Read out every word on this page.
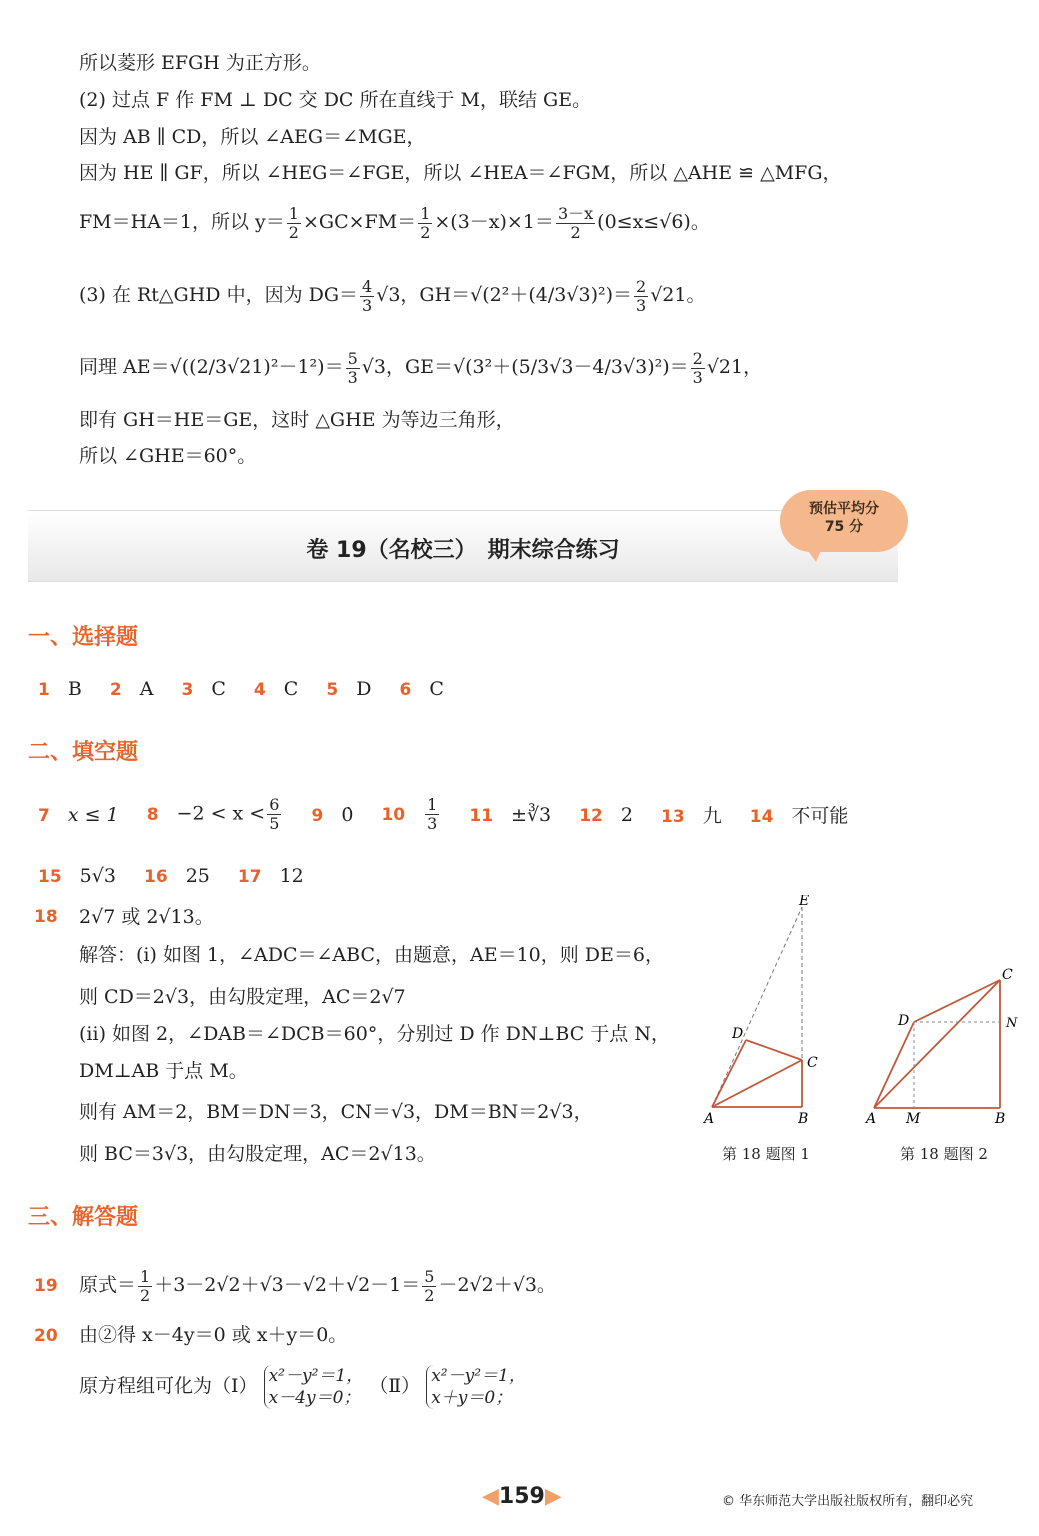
所以菱形 EFGH 为正方形。
(2) 过点 F 作 FM ⊥ DC 交 DC 所在直线于 M，联结 GE。
因为 AB ∥ CD，所以 ∠AEG＝∠MGE，
因为 HE ∥ GF，所以 ∠HEG＝∠FGE，所以 ∠HEA＝∠FGM，所以 △AHE ≌ △MFG，
FM＝HA＝1，所以 $y= \frac{1}{2} \times GC\times FM= \frac{1}{2} \times(3-x)\times 1= \frac{3-x}{2} (0\le x\le√6)$。
(3) 在 Rt△GHD 中，因为 $DG= \frac{4}{3} √3$，$GH=√(2^2+(4/3√3)^2)= \frac{2}{3} √21$。
同理 $AE=√((2/3√21)^2-1^2)= \frac{5}{3} √3$，$GE=√(3^2+(5/3√3-4/3√3)^2)= \frac{2}{3} √21$，
即有 GH＝HE＝GE，这时 △GHE 为等边三角形，
所以 ∠GHE＝60°。
卷 19（名校三）　期末综合练习
预估平均分
75 分
一、选择题
1 B 2 A 3 C 4 C 5 D 6 C
二、填空题
7 x ≤ 1 $8 -2 < x < \frac{6}{5} 9$ 0̇ $10 \frac{1}{3} 11$ ±∛3 12 2 13 九 14 不可能
15 5√3 16 25 17 12
18 2√7 或 2√13。
解答：(i) 如图 1，∠ADC＝∠ABC，由题意，AE＝10，则 DE＝6，
则 CD＝2√3，由勾股定理，AC＝2√7
(ii) 如图 2，∠DAB＝∠DCB＝60°，分别过 D 作 DN⊥BC 于点 N，
DM⊥AB 于点 M。
则有 AM＝2，BM＝DN＝3，CN＝√3，DM＝BN＝2√3，
则 BC＝3√3，由勾股定理，AC＝2√13。
E
D
C
A	B
第 18 题图 1
C
D	N
A M	B
第 18 题图 2
三、解答题
19 原式＝ $\frac{1}{2} +3-2√2+√3-√2+√2-1= \frac{5}{2} -2√2+√3$。
20 由②得 x－4y＝0 或 x＋y＝0。
原方程组可化为（Ⅰ） x²－y²＝1，
x－4y＝0； （Ⅱ） x²－y²＝1，
x＋y＝0；
◀159▶	© 华东师范大学出版社版权所有，翻印必究
